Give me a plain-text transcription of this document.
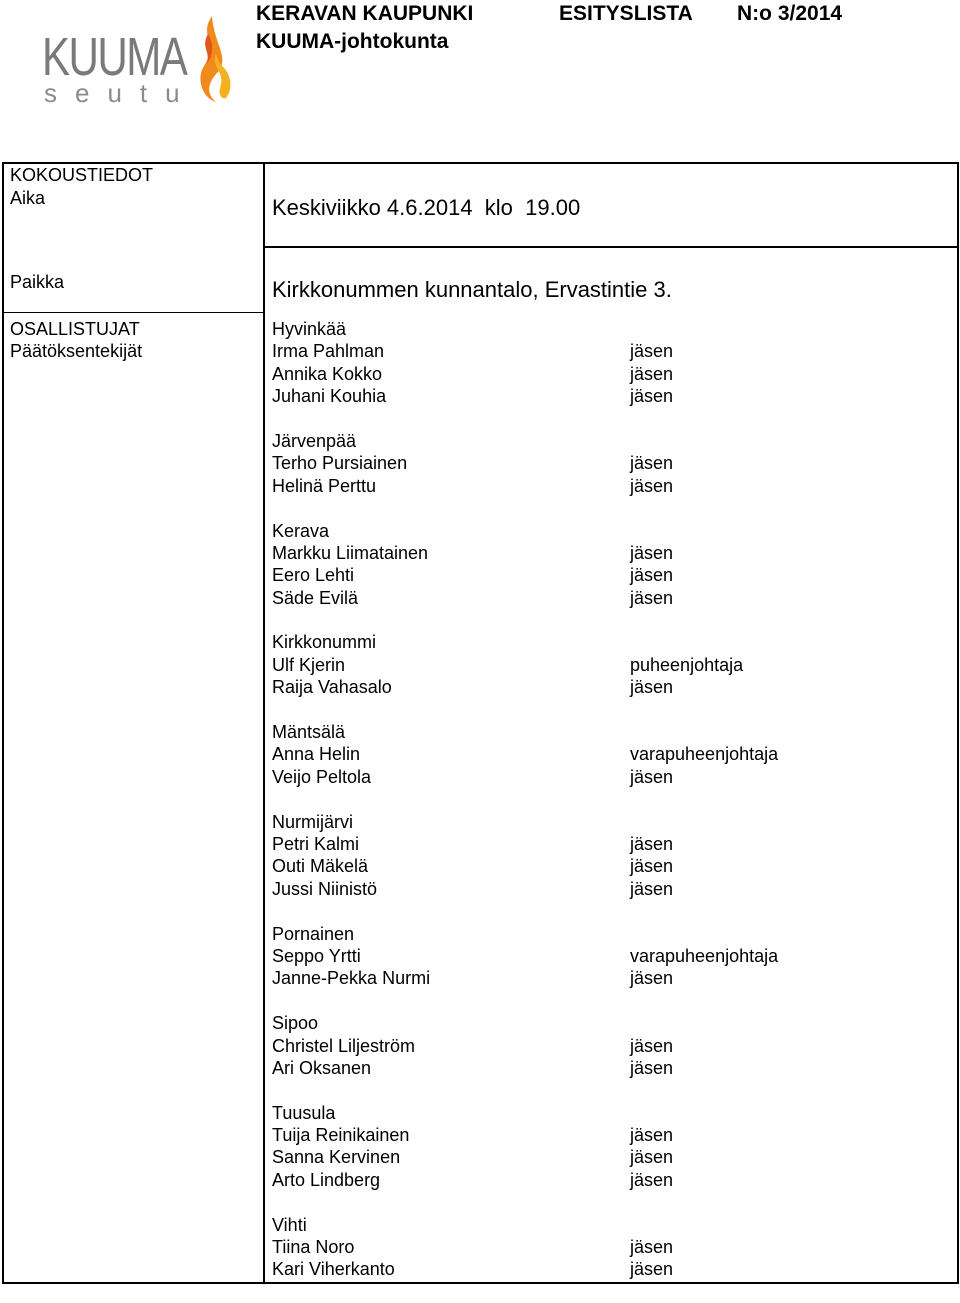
KUUMA
seutu
KERAVAN KAUPUNKI	ESITYSLISTA N:o 3/2014
KUUMA-johtokunta
KOKOUSTIEDOT
Aika	Keskiviikko 4.6.2014  klo  19.00
Paikka	Kirkkonummen kunnantalo, Ervastintie 3.
OSALLISTUJAT
Päätöksentekijät
Hyvinkää
Irma Pahlman	jäsen
Annika Kokko	jäsen
Juhani Kouhia	jäsen
Järvenpää
Terho Pursiainen	jäsen
Helinä Perttu	jäsen
Kerava
Markku Liimatainen	jäsen
Eero Lehti	jäsen
Säde Evilä	jäsen
Kirkkonummi
Ulf Kjerin	puheenjohtaja
Raija Vahasalo	jäsen
Mäntsälä
Anna Helin	varapuheenjohtaja
Veijo Peltola	jäsen
Nurmijärvi
Petri Kalmi	jäsen
Outi Mäkelä	jäsen
Jussi Niinistö	jäsen
Pornainen
Seppo Yrtti	varapuheenjohtaja
Janne-Pekka Nurmi	jäsen
Sipoo
Christel Liljeström	jäsen
Ari Oksanen	jäsen
Tuusula
Tuija Reinikainen	jäsen
Sanna Kervinen	jäsen
Arto Lindberg	jäsen
Vihti
Tiina Noro	jäsen
Kari Viherkanto	jäsen
